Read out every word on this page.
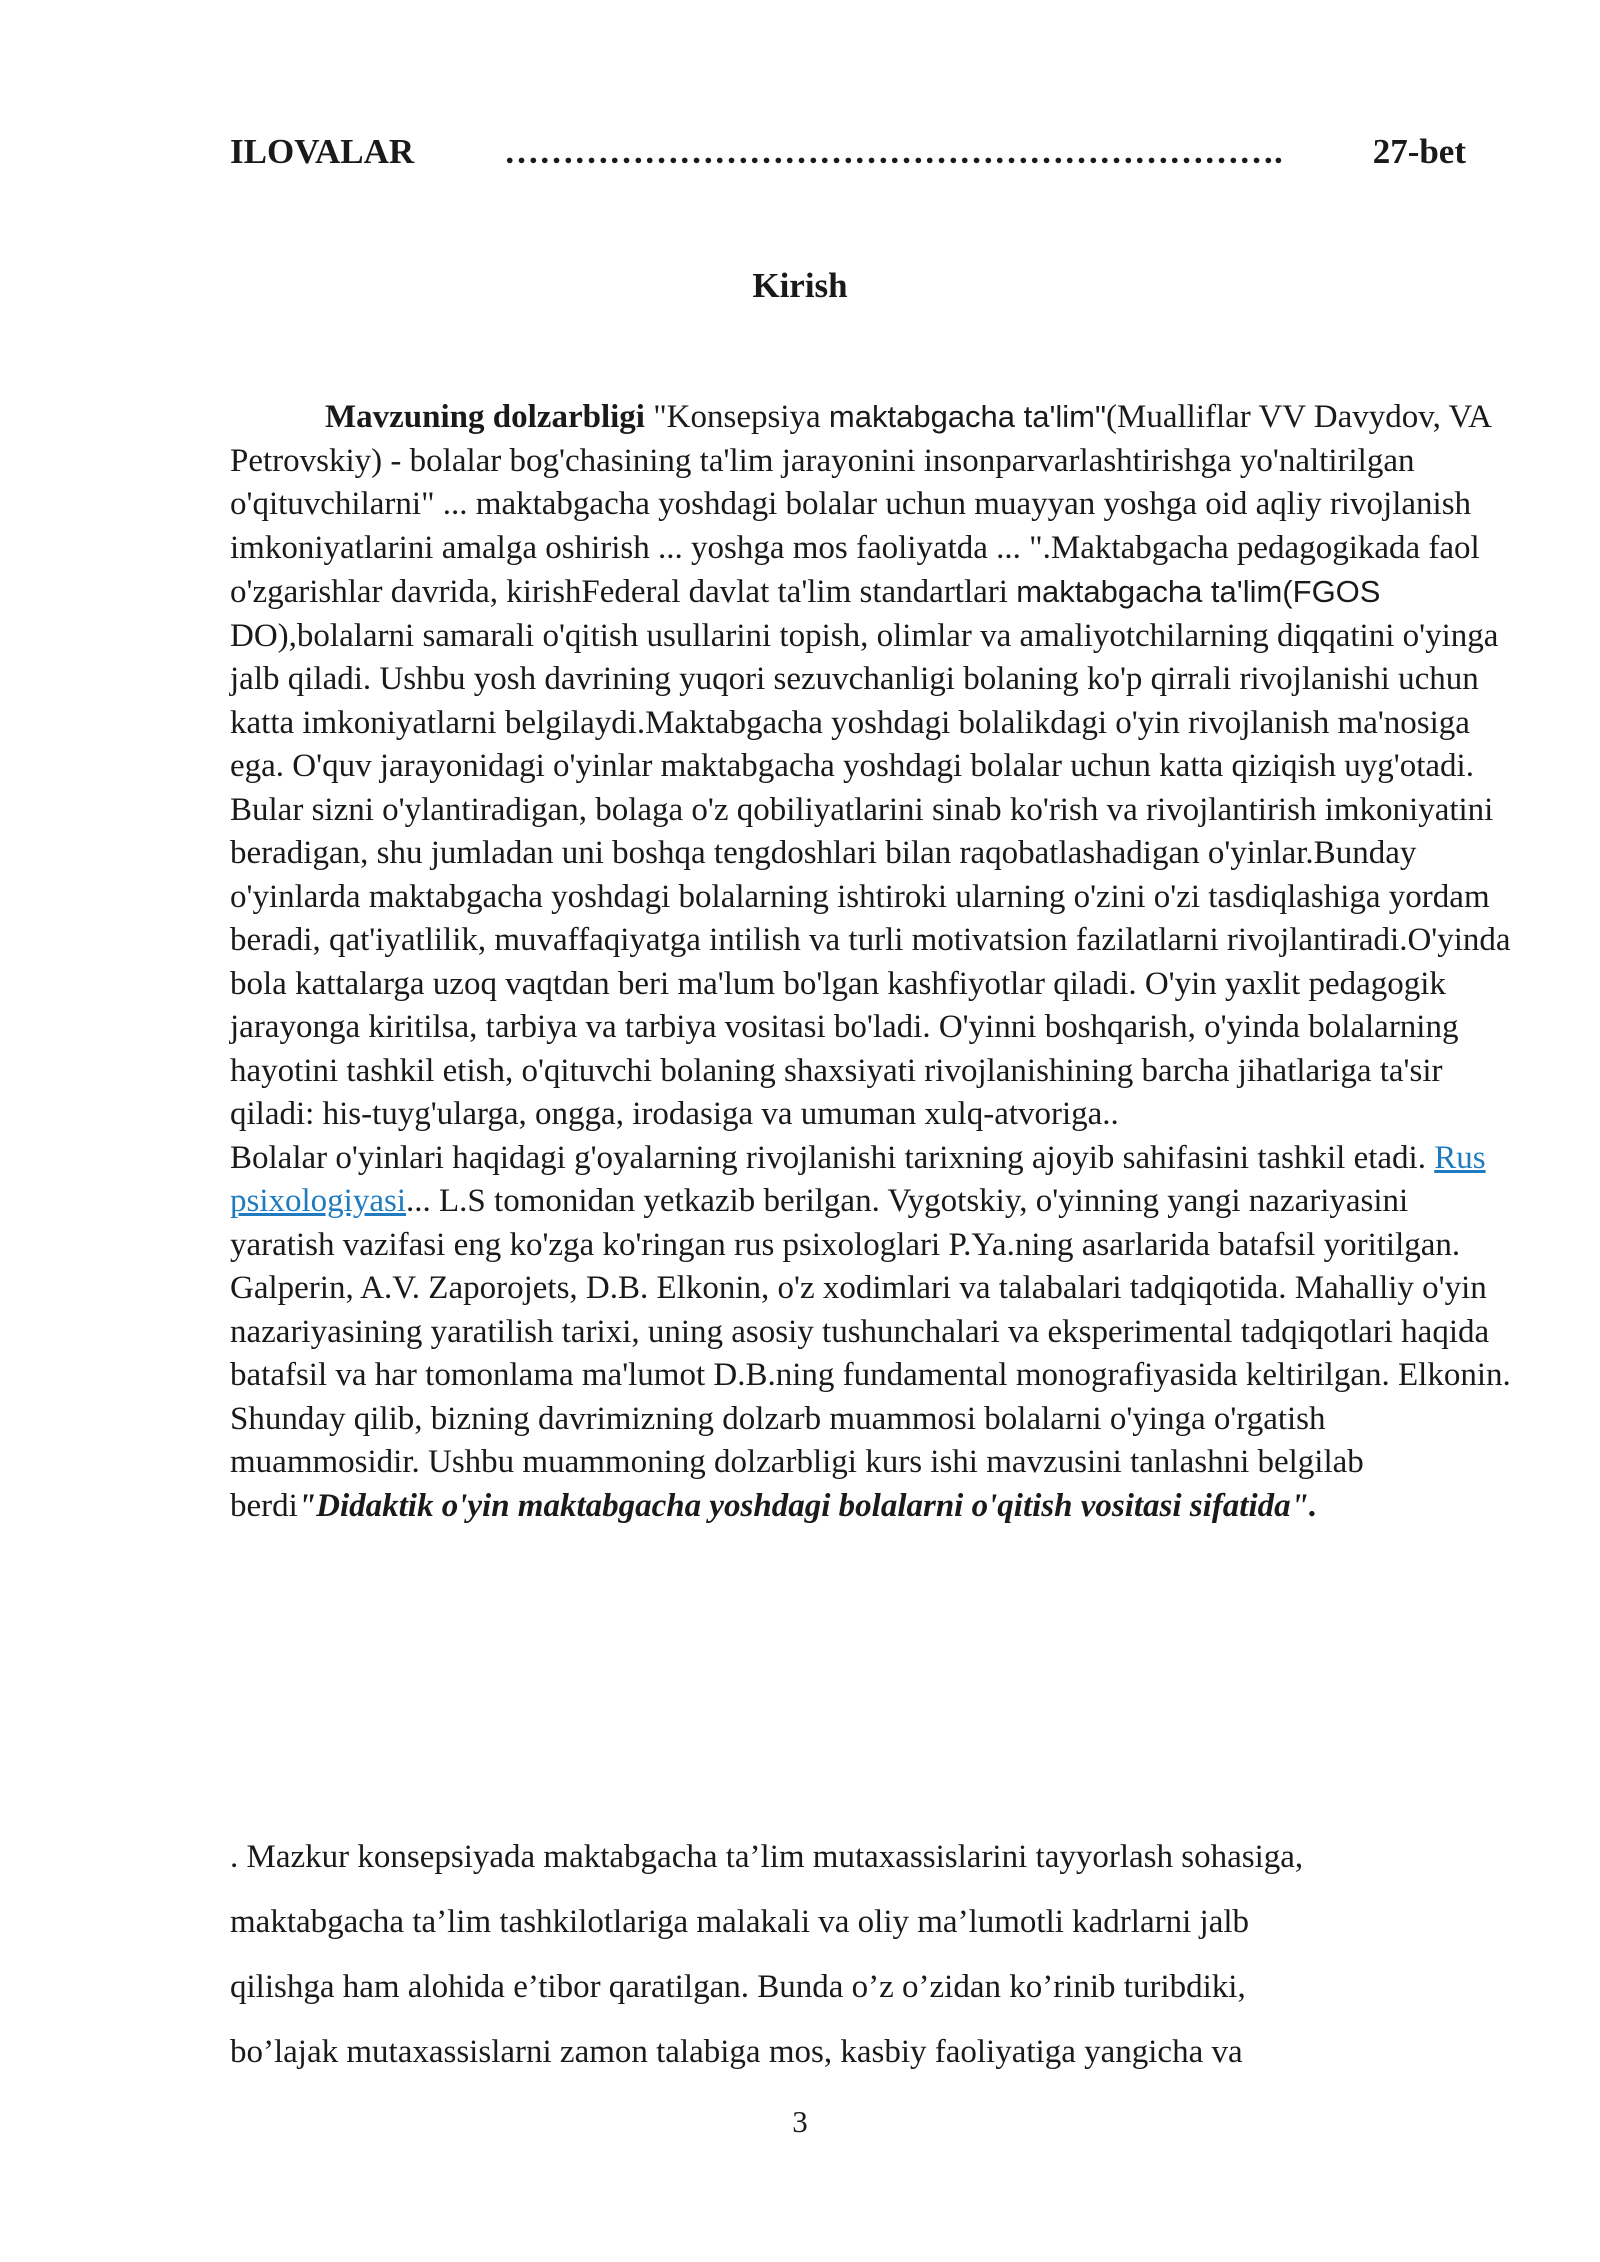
ILOVALAR	………………………………………………………….	27-bet
Kirish

Mavzuning dolzarbligi "Konsepsiya maktabgacha ta'lim"(Mualliflar VV Davydov, VA Petrovskiy) - bolalar bog'chasining ta'lim jarayonini insonparvarlashtirishga yo'naltirilgan o'qituvchilarni" ... maktabgacha yoshdagi bolalar uchun muayyan yoshga oid aqliy rivojlanish imkoniyatlarini amalga oshirish ... yoshga mos faoliyatda ... ".Maktabgacha pedagogikada faol o'zgarishlar davrida, kirishFederal davlat ta'lim standartlari maktabgacha ta'lim(FGOS DO),bolalarni samarali o'qitish usullarini topish, olimlar va amaliyotchilarning diqqatini o'yinga jalb qiladi. Ushbu yosh davrining yuqori sezuvchanligi bolaning ko'p qirrali rivojlanishi uchun katta imkoniyatlarni belgilaydi.Maktabgacha yoshdagi bolalikdagi o'yin rivojlanish ma'nosiga ega. O'quv jarayonidagi o'yinlar maktabgacha yoshdagi bolalar uchun katta qiziqish uyg'otadi. Bular sizni o'ylantiradigan, bolaga o'z qobiliyatlarini sinab ko'rish va rivojlantirish imkoniyatini beradigan, shu jumladan uni boshqa tengdoshlari bilan raqobatlashadigan o'yinlar.Bunday o'yinlarda maktabgacha yoshdagi bolalarning ishtiroki ularning o'zini o'zi tasdiqlashiga yordam beradi, qat'iyatlilik, muvaffaqiyatga intilish va turli motivatsion fazilatlarni rivojlantiradi.O'yinda bola kattalarga uzoq vaqtdan beri ma'lum bo'lgan kashfiyotlar qiladi. O'yin yaxlit pedagogik jarayonga kiritilsa, tarbiya va tarbiya vositasi bo'ladi. O'yinni boshqarish, o'yinda bolalarning hayotini tashkil etish, o'qituvchi bolaning shaxsiyati rivojlanishining barcha jihatlariga ta'sir qiladi: his-tuyg'ularga, ongga, irodasiga va umuman xulq-atvoriga..

Bolalar o'yinlari haqidagi g'oyalarning rivojlanishi tarixning ajoyib sahifasini tashkil etadi. Rus psixologiyasi... L.S tomonidan yetkazib berilgan. Vygotskiy, o'yinning yangi nazariyasini yaratish vazifasi eng ko'zga ko'ringan rus psixologlari P.Ya.ning asarlarida batafsil yoritilgan. Galperin, A.V. Zaporojets, D.B. Elkonin, o'z xodimlari va talabalari tadqiqotida. Mahalliy o'yin nazariyasining yaratilish tarixi, uning asosiy tushunchalari va eksperimental tadqiqotlari haqida batafsil va har tomonlama ma'lumot D.B.ning fundamental monografiyasida keltirilgan. Elkonin.

Shunday qilib, bizning davrimizning dolzarb muammosi bolalarni o'yinga o'rgatish muammosidir. Ushbu muammoning dolzarbligi kurs ishi mavzusini tanlashni belgilab berdi"Didaktik o'yin maktabgacha yoshdagi bolalarni o'qitish vositasi sifatida".

. Mazkur konsepsiyada maktabgacha ta’lim mutaxassislarini tayyorlash sohasiga,

maktabgacha ta’lim tashkilotlariga malakali va oliy ma’lumotli kadrlarni jalb

qilishga ham alohida e’tibor qaratilgan. Bunda o’z o’zidan ko’rinib turibdiki,

bo’lajak mutaxassislarni zamon talabiga mos, kasbiy faoliyatiga yangicha va

3
